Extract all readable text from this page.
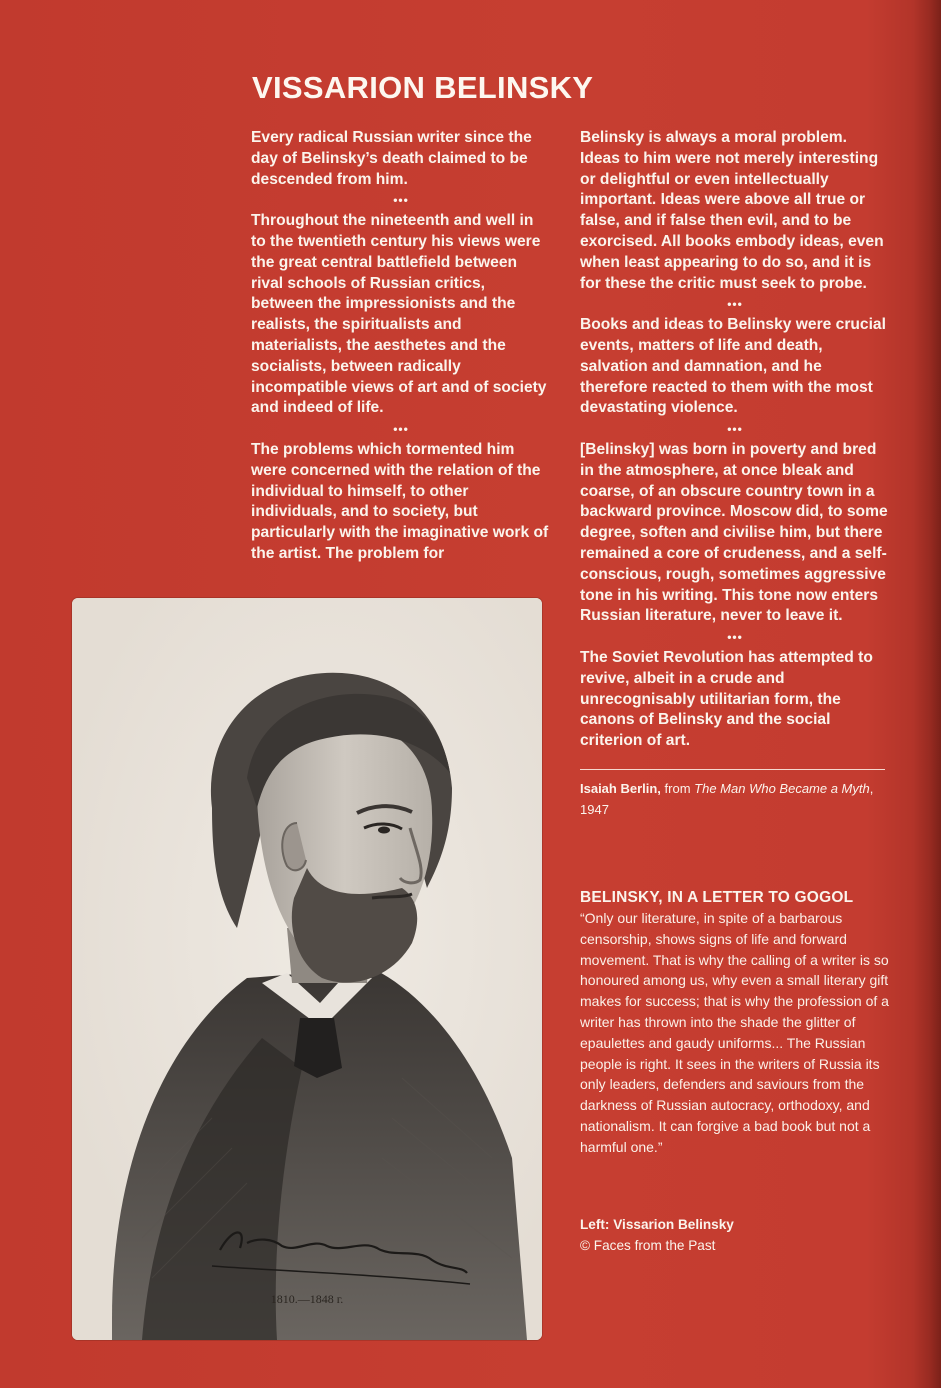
VISSARION BELINSKY

Every radical Russian writer since the day of Belinsky’s death claimed to be descended from him.

•••

Throughout the nineteenth and well in to the twentieth century his views were the great central battlefield between rival schools of Russian critics, between the impressionists and the realists, the spiritualists and materialists, the aesthetes and the socialists, between radically incompatible views of art and of society and indeed of life.

•••

The problems which tormented him were concerned with the relation of the individual to himself, to other individuals, and to society, but particularly with the imaginative work of the artist. The problem for

Belinsky is always a moral problem. Ideas to him were not merely interesting or delightful or even intellectually important. Ideas were above all true or false, and if false then evil, and to be exorcised. All books embody ideas, even when least appearing to do so, and it is for these the critic must seek to probe.

•••

Books and ideas to Belinsky were crucial events, matters of life and death, salvation and damnation, and he therefore reacted to them with the most devastating violence.

•••

[Belinsky] was born in poverty and bred in the atmosphere, at once bleak and coarse, of an obscure country town in a backward province. Moscow did, to some degree, soften and civilise him, but there remained a core of crudeness, and a self-conscious, rough, sometimes aggressive tone in his writing. This tone now enters Russian literature, never to leave it.

•••

The Soviet Revolution has attempted to revive, albeit in a crude and unrecognisably utilitarian form, the canons of Belinsky and the social criterion of art.

Isaiah Berlin, from The Man Who Became a Myth, 1947
BELINSKY, IN A LETTER TO GOGOL

“Only our literature, in spite of a barbarous censorship, shows signs of life and forward movement. That is why the calling of a writer is so honoured among us, why even a small literary gift makes for success; that is why the profession of a writer has thrown into the shade the glitter of epaulettes and gaudy uniforms... The Russian people is right. It sees in the writers of Russia its only leaders, defenders and saviours from the darkness of Russian autocracy, orthodoxy, and nationalism. It can forgive a bad book but not a harmful one.”

Left: Vissarion Belinsky
© Faces from the Past
1810.—1848 г.
